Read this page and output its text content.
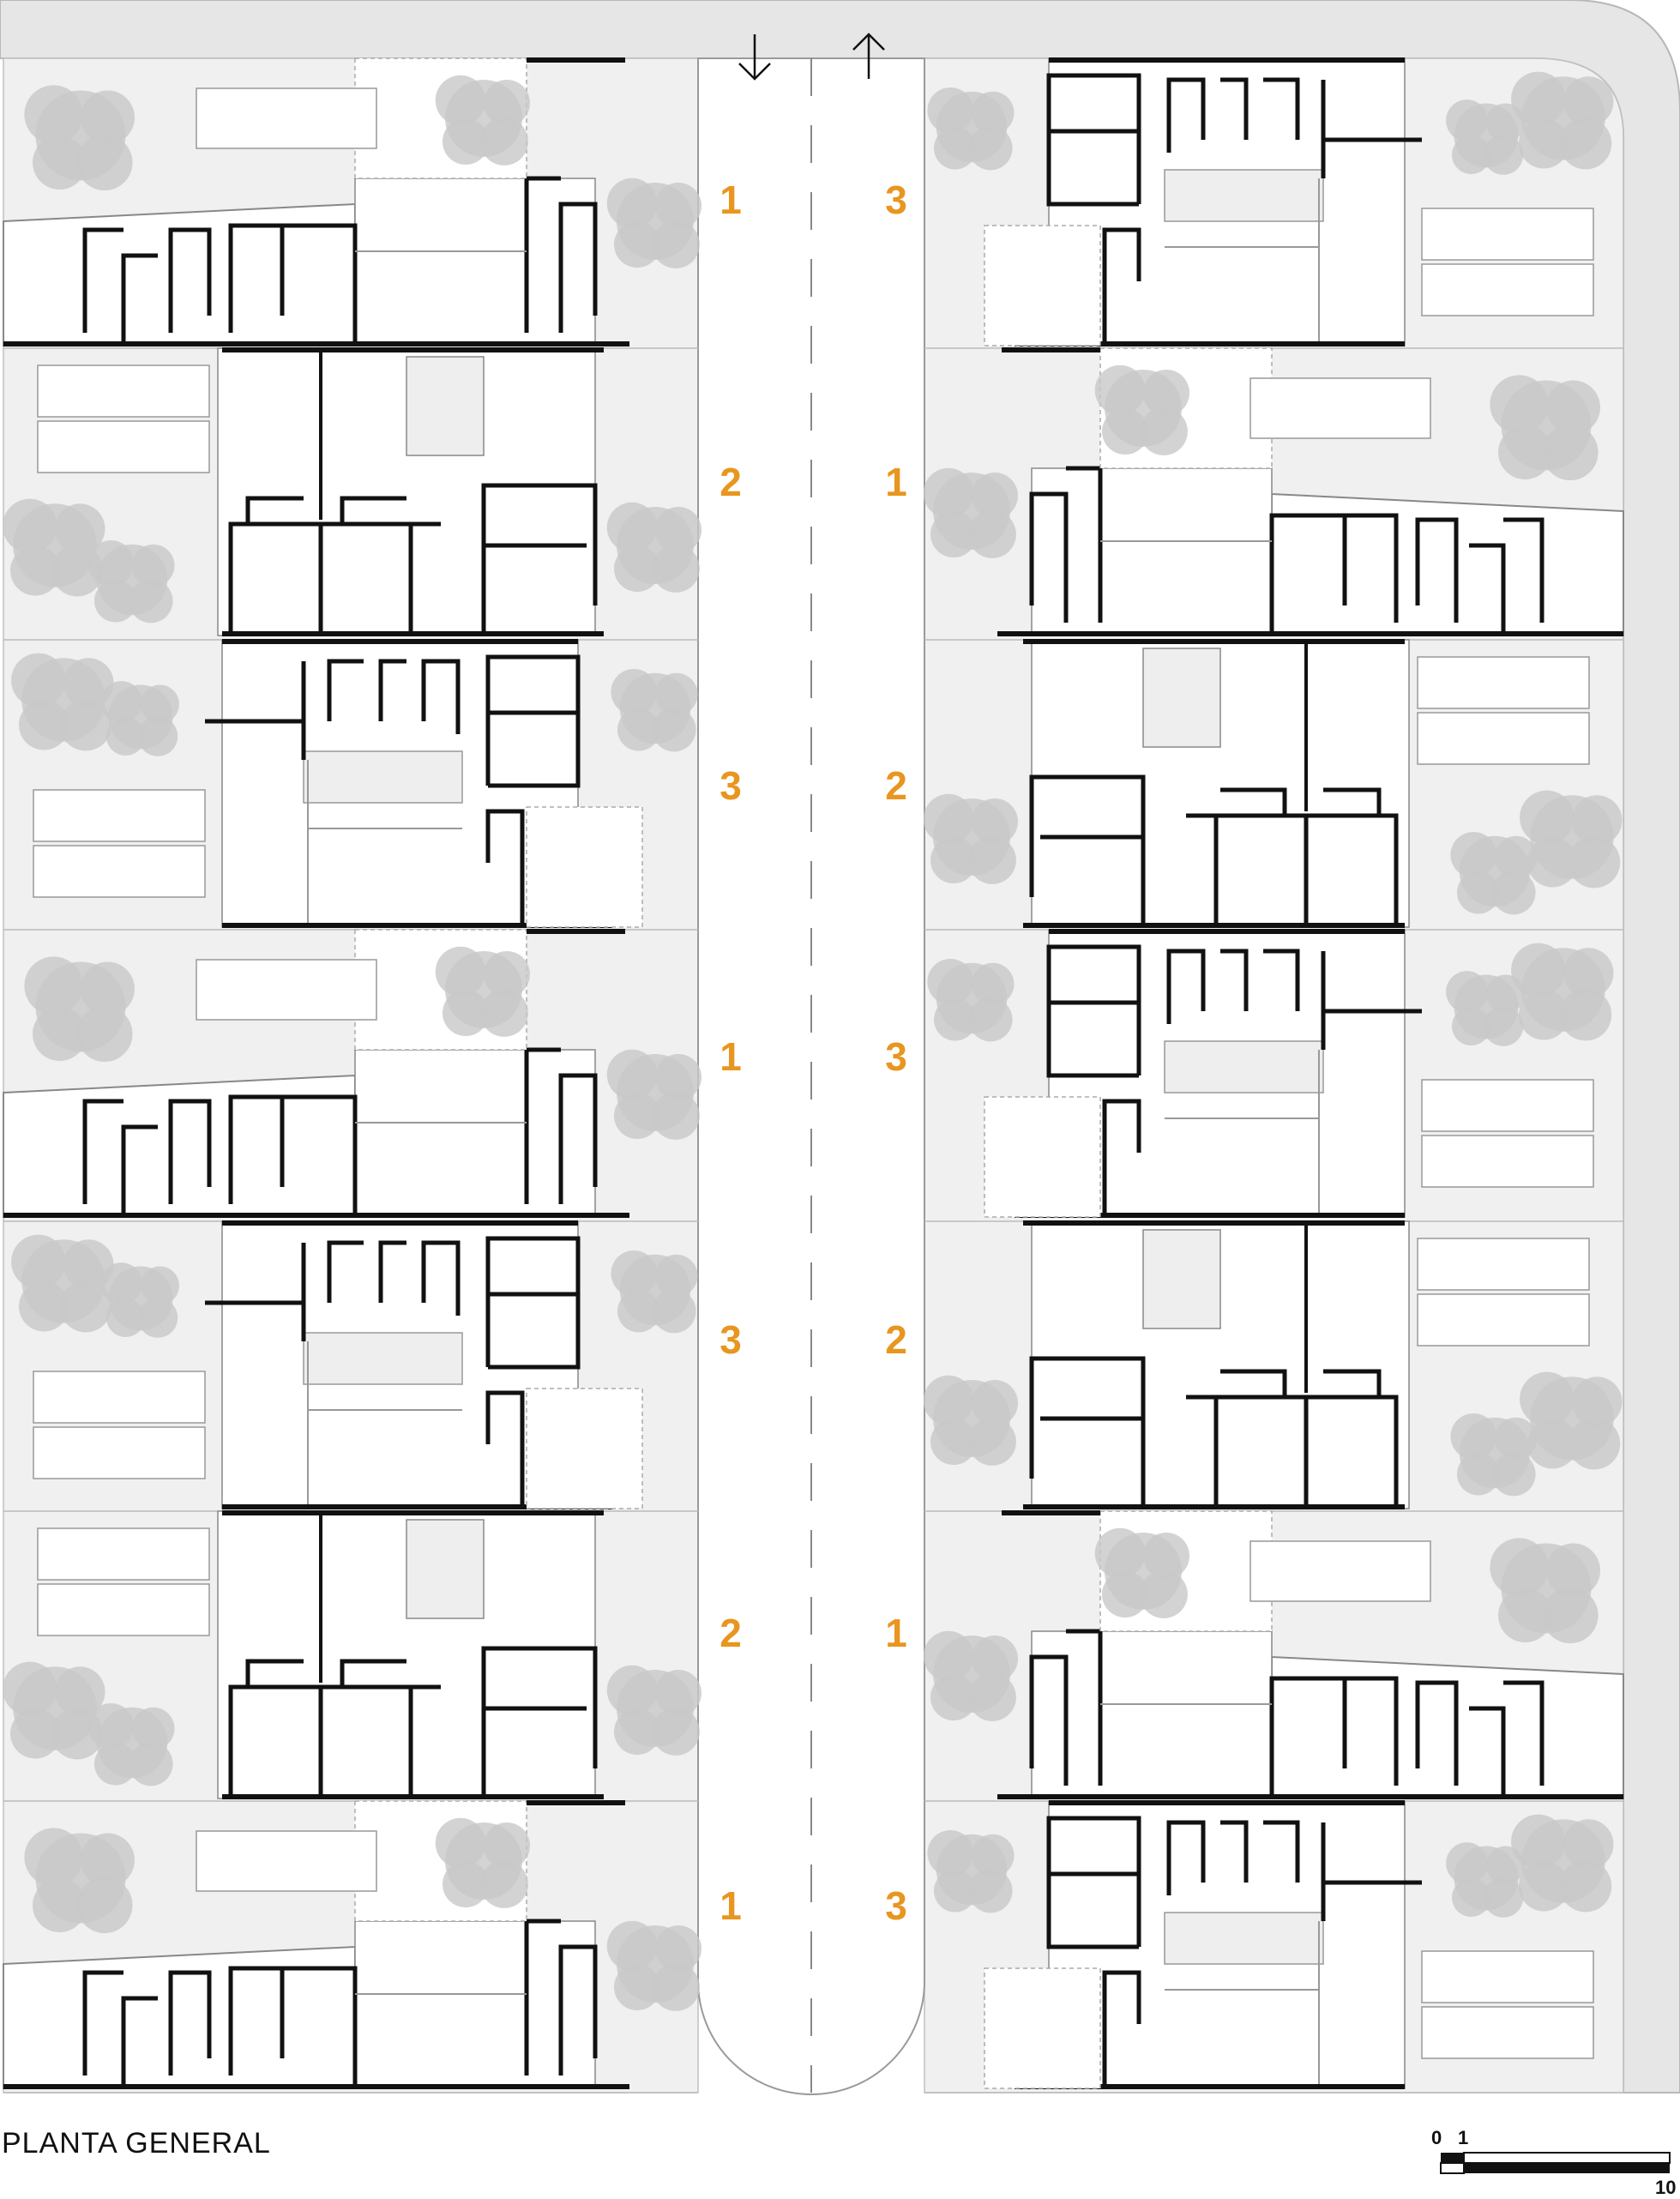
1
2
3
1
3
2
1
3
1
2
3
2
1
3
PLANTA GENERAL	0 1
10
